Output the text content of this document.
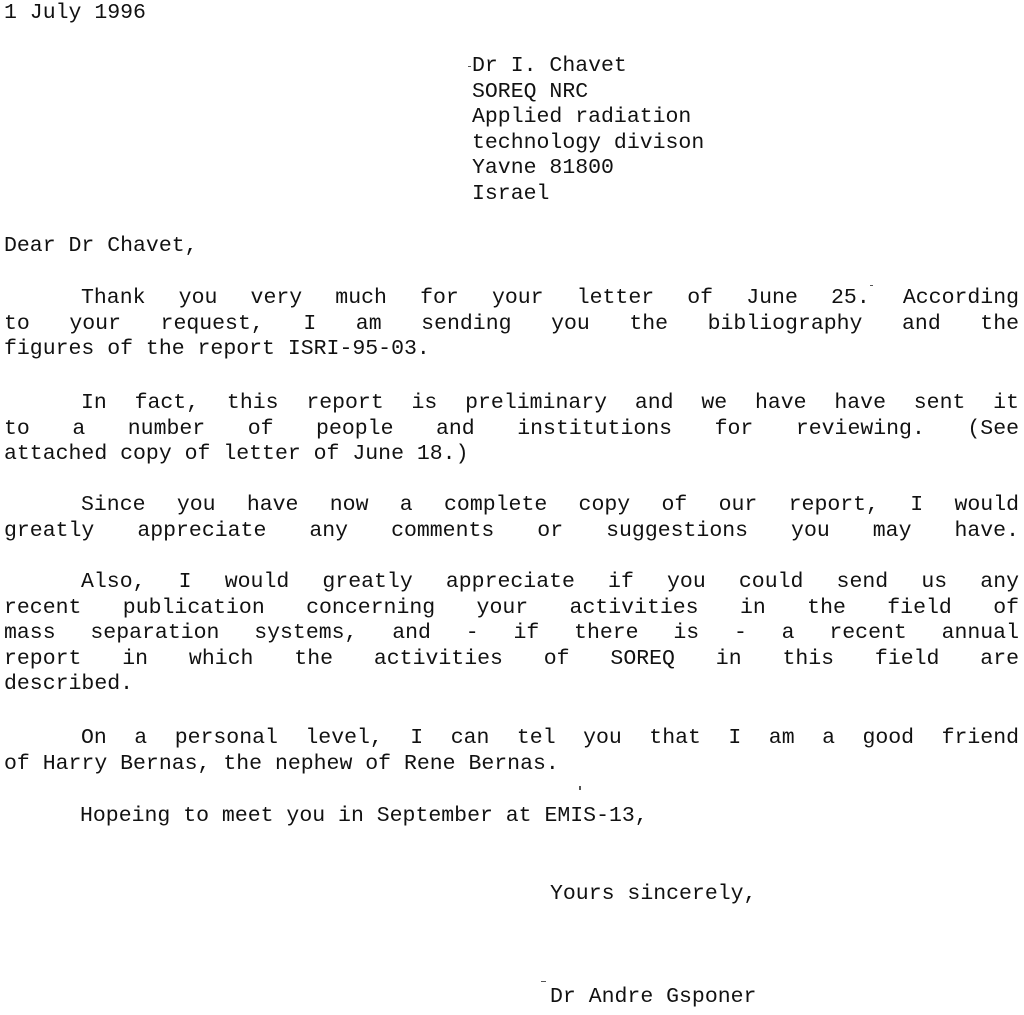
1 July 1996
Dr I. Chavet
SOREQ NRC
Applied radiation
technology divison
Yavne 81800
Israel
Dear Dr Chavet,
Thank you very much for your letter of June 25. According
to your request, I am sending you the bibliography and the
figures of the report ISRI-95-03.
In fact, this report is preliminary and we have have sent it
to a number of people and institutions for reviewing. (See
attached copy of letter of June 18.)
Since you have now a complete copy of our report, I would
greatly appreciate any comments or suggestions you may have.
Also, I would greatly appreciate if you could send us any
recent publication concerning your activities in the field of
mass separation systems, and - if there is - a recent annual
report in which the activities of SOREQ in this field are
described.
On a personal level, I can tel you that I am a good friend
of Harry Bernas, the nephew of Rene Bernas.
Hopeing to meet you in September at EMIS-13,
Yours sincerely,
Dr Andre Gsponer
